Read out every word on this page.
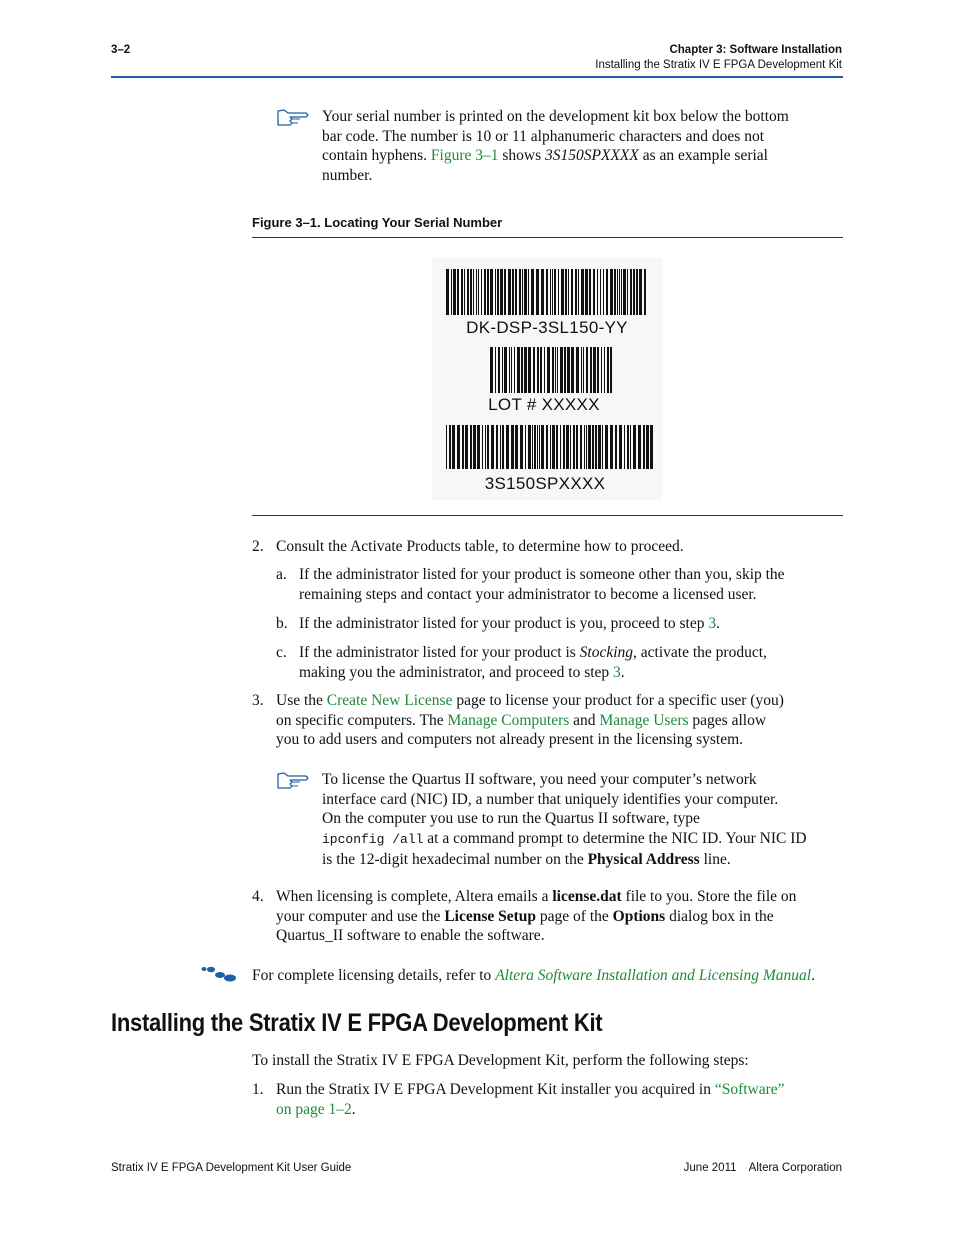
3–2	Chapter 3: Software Installation
Installing the Stratix IV E FPGA Development Kit
Your serial number is printed on the development kit box below the bottom
bar code. The number is 10 or 11 alphanumeric characters and does not
contain hyphens. Figure 3–1 shows 3S150SPXXXX as an example serial
number.
Figure 3–1. Locating Your Serial Number
DK-DSP-3SL150-YY
LOT # XXXXX
3S150SPXXXX
2. Consult the Activate Products table, to determine how to proceed.
a. If the administrator listed for your product is someone other than you, skip the
remaining steps and contact your administrator to become a licensed user.
b. If the administrator listed for your product is you, proceed to step 3.
c. If the administrator listed for your product is Stocking, activate the product,
making you the administrator, and proceed to step 3.
3. Use the Create New License page to license your product for a specific user (you)
on specific computers. The Manage Computers and Manage Users pages allow
you to add users and computers not already present in the licensing system.
To license the Quartus II software, you need your computer’s network
interface card (NIC) ID, a number that uniquely identifies your computer.
On the computer you use to run the Quartus II software, type
ipconfig /all at a command prompt to determine the NIC ID. Your NIC ID
is the 12-digit hexadecimal number on the Physical Address line.
4. When licensing is complete, Altera emails a license.dat file to you. Store the file on
your computer and use the License Setup page of the Options dialog box in the
Quartus_II software to enable the software.
For complete licensing details, refer to Altera Software Installation and Licensing Manual.
Installing the Stratix IV E FPGA Development Kit
To install the Stratix IV E FPGA Development Kit, perform the following steps:
1. Run the Stratix IV E FPGA Development Kit installer you acquired in “Software”
on page 1–2.
Stratix IV E FPGA Development Kit User Guide	June 2011    Altera Corporation
